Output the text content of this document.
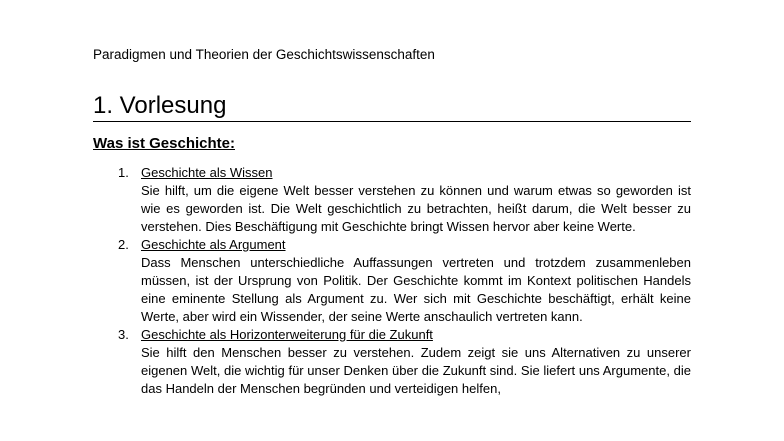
Paradigmen und Theorien der Geschichtswissenschaften
1. Vorlesung
Was ist Geschichte:
1. Geschichte als Wissen

Sie hilft, um die eigene Welt besser verstehen zu können und warum etwas so geworden ist wie es geworden ist. Die Welt geschichtlich zu betrachten, heißt darum, die Welt besser zu verstehen. Dies Beschäftigung mit Geschichte bringt Wissen hervor aber keine Werte.

2. Geschichte als Argument

Dass Menschen unterschiedliche Auffassungen vertreten und trotzdem zusammenleben müssen, ist der Ursprung von Politik. Der Geschichte kommt im Kontext politischen Handels eine eminente Stellung als Argument zu. Wer sich mit Geschichte beschäftigt, erhält keine Werte, aber wird ein Wissender, der seine Werte anschaulich vertreten kann.

3. Geschichte als Horizonterweiterung für die Zukunft

Sie hilft den Menschen besser zu verstehen. Zudem zeigt sie uns Alternativen zu unserer eigenen Welt, die wichtig für unser Denken über die Zukunft sind. Sie liefert uns Argumente, die das Handeln der Menschen begründen und verteidigen helfen,
